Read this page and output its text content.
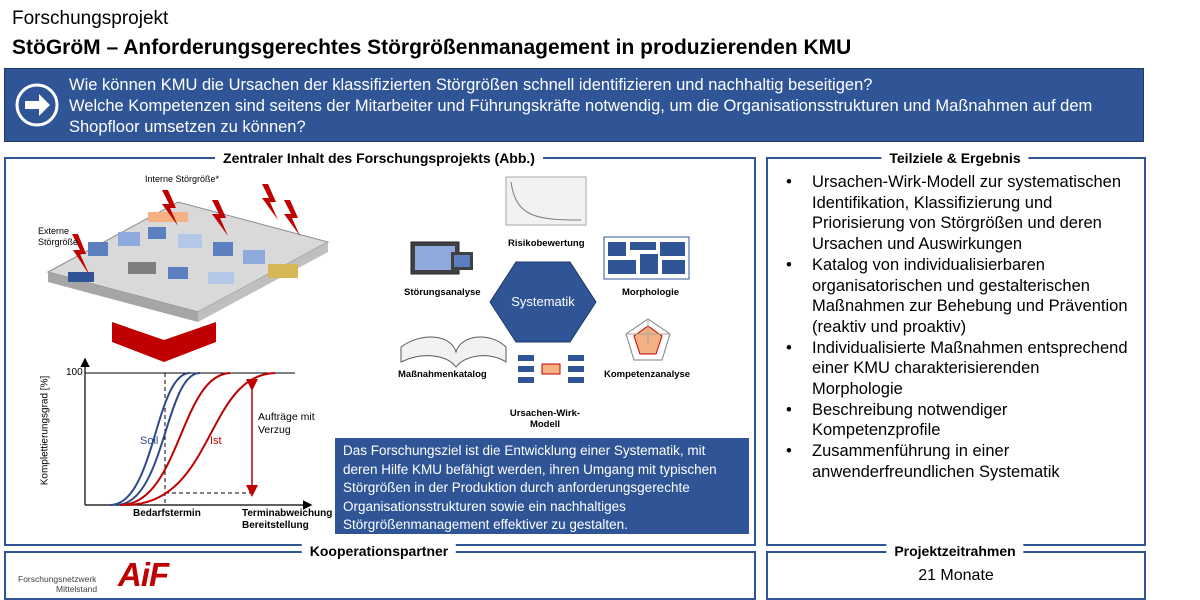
Forschungsprojekt
StöGröM – Anforderungsgerechtes Störgrößenmanagement in produzierenden KMU
Wie können KMU die Ursachen der klassifizierten Störgrößen schnell identifizieren und nachhaltig beseitigen?
Welche Kompetenzen sind seitens der Mitarbeiter und Führungskräfte notwendig, um die Organisationsstrukturen und Maßnahmen auf dem Shopfloor umsetzen zu können?
Zentraler Inhalt des Forschungsprojekts (Abb.)
Interne Störgröße*
Externe Störgröße
100
Komplettierungsgrad [%]	Soll	Ist
Aufträge mit Verzug
Bedarfstermin	Terminabweichung Bereitstellung
Systematik
Risikobewertung
Morphologie
Kompetenzanalyse
Ursachen-Wirk-Modell
Maßnahmenkatalog
Störungsanalyse
Das Forschungsziel ist die Entwicklung einer Systematik, mit deren Hilfe KMU befähigt werden, ihren Umgang mit typischen Störgrößen in der Produktion durch anforderungsgerechte Organisationsstrukturen sowie ein nachhaltiges Störgrößenmanagement effektiver zu gestalten.
Teilziele & Ergebnis
• Ursachen-Wirk-Modell zur systematischen Identifikation, Klassifizierung und Priorisierung von Störgrößen und deren Ursachen und Auswirkungen
• Katalog von individualisierbaren organisatorischen und gestalterischen Maßnahmen zur Behebung und Prävention (reaktiv und proaktiv)
• Individualisierte Maßnahmen entsprechend einer KMU charakterisierenden Morphologie
• Beschreibung notwendiger Kompetenzprofile
• Zusammenführung in einer anwenderfreundlichen Systematik
Kooperationspartner
Forschungsnetzwerk
Mittelstand AiF
Projektzeitrahmen
21 Monate
